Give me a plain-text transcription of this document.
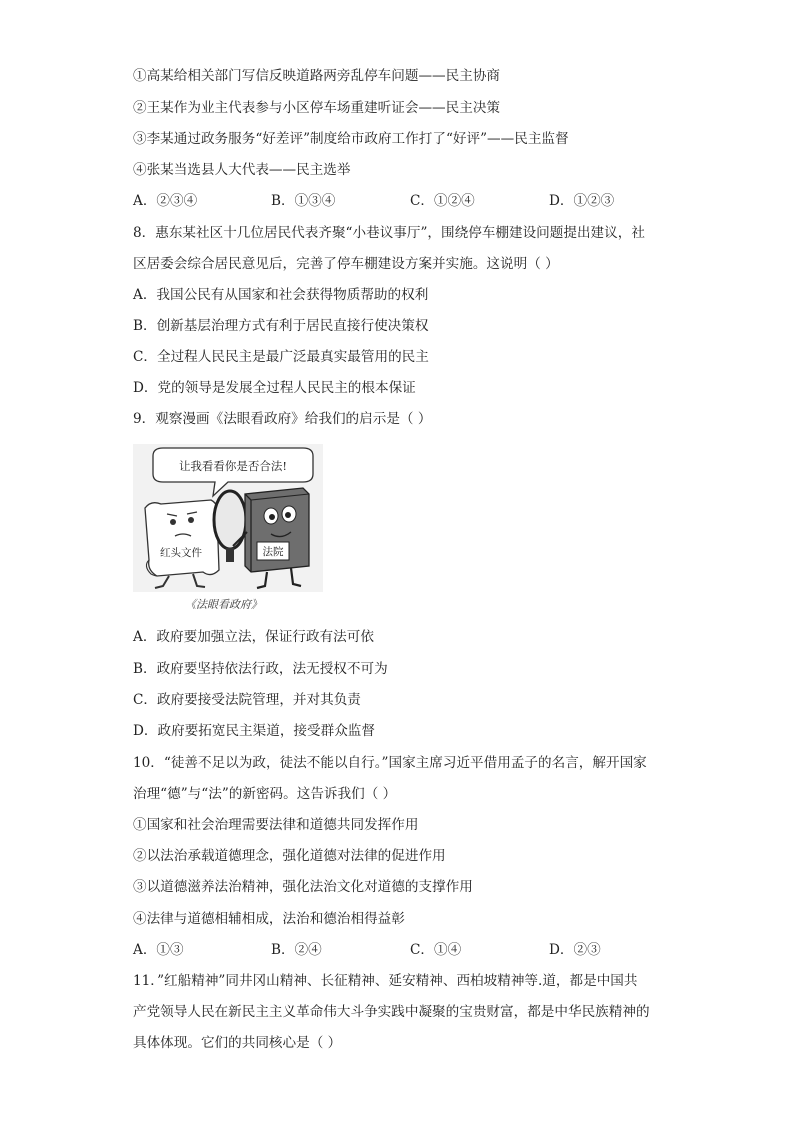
①高某给相关部门写信反映道路两旁乱停车问题——民主协商
②王某作为业主代表参与小区停车场重建听证会——民主决策
③李某通过政务服务“好差评”制度给市政府工作打了“好评”——民主监督
④张某当选县人大代表——民主选举
A．②③④	B．①③④	C．①②④	D．①②③
8．惠东某社区十几位居民代表齐聚“小巷议事厅”，围绕停车棚建设问题提出建议，社
区居委会综合居民意见后，完善了停车棚建设方案并实施。这说明（ ）
A．我国公民有从国家和社会获得物质帮助的权利
B．创新基层治理方式有利于居民直接行使决策权
C．全过程人民民主是最广泛最真实最管用的民主
D．党的领导是发展全过程人民民主的根本保证
9．观察漫画《法眼看政府》给我们的启示是（ ）
让我看看你是否合法!
红头文件	法院
《法眼看政府》
A．政府要加强立法，保证行政有法可依
B．政府要坚持依法行政，法无授权不可为
C．政府要接受法院管理，并对其负责
D．政府要拓宽民主渠道，接受群众监督
10．“徒善不足以为政，徒法不能以自行。”国家主席习近平借用孟子的名言，解开国家
治理“德”与“法”的新密码。这告诉我们（ ）
①国家和社会治理需要法律和道德共同发挥作用
②以法治承载道德理念，强化道德对法律的促进作用
③以道德滋养法治精神，强化法治文化对道德的支撑作用
④法律与道德相辅相成，法治和德治相得益彰
A．①③	B．②④	C．①④	D．②③
11．”红船精神”同井冈山精神、长征精神、延安精神、西柏坡精神等.道，都是中国共
产党领导人民在新民主主义革命伟大斗争实践中凝聚的宝贵财富，都是中华民族精神的
具体体现。它们的共同核心是（ ）
